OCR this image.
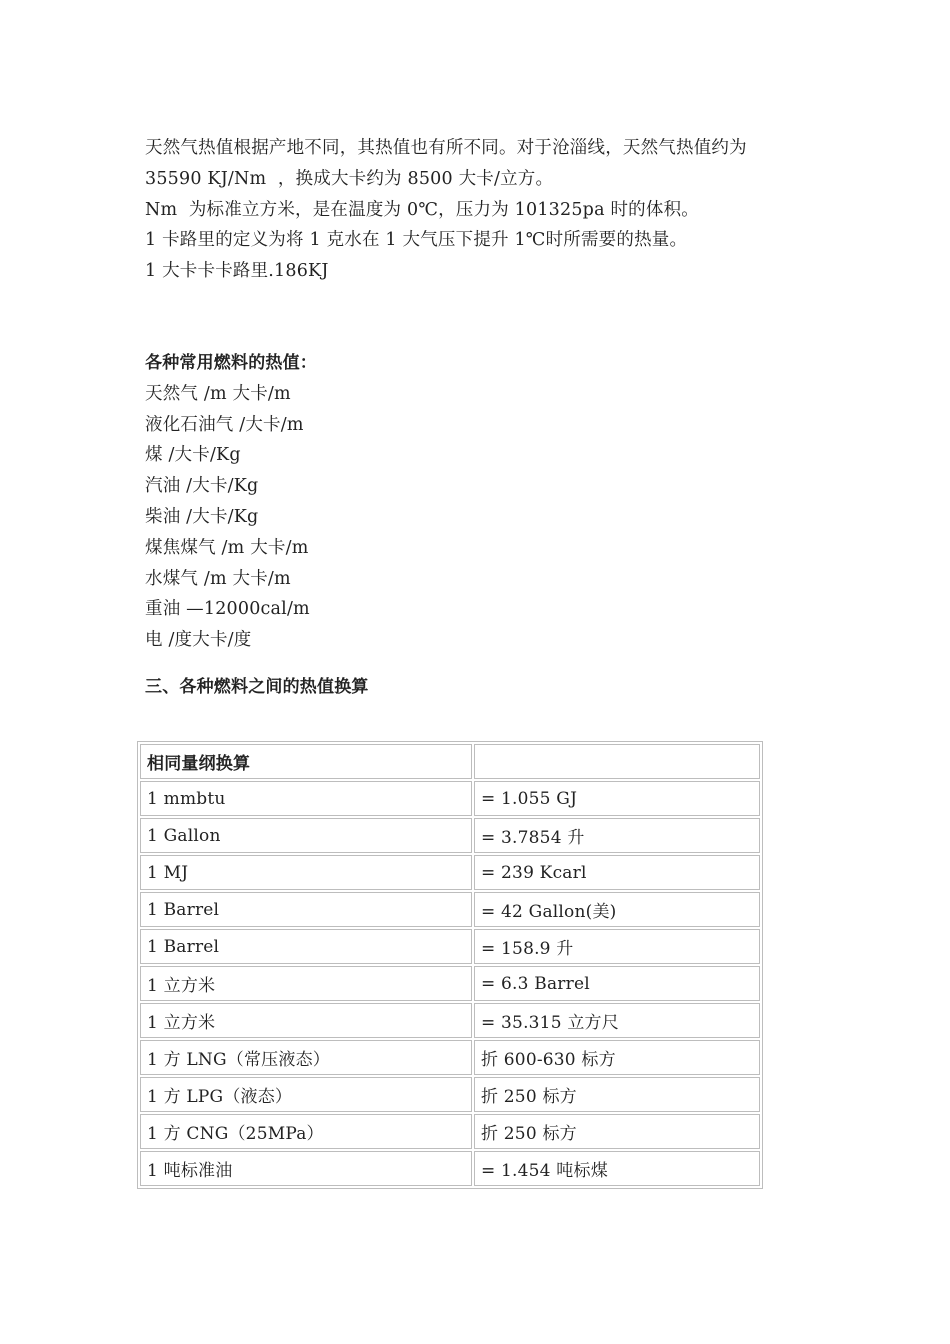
天然气热值根据产地不同，其热值也有所不同。对于沧淄线，天然气热值约为
35590 KJ/Nm  ，换成大卡约为 8500 大卡/立方。
Nm  为标准立方米，是在温度为 0℃，压力为 101325pa 时的体积。
1 卡路里的定义为将 1 克水在 1 大气压下提升 1℃时所需要的热量。
1 大卡卡卡路里.186KJ
各种常用燃料的热值：
天然气 /m 大卡/m
液化石油气 /大卡/m
煤 /大卡/Kg
汽油 /大卡/Kg
柴油 /大卡/Kg
煤焦煤气 /m 大卡/m
水煤气 /m 大卡/m
重油 —12000cal/m
电 /度大卡/度
三、各种燃料之间的热值换算
相同量纲换算	
1 mmbtu	= 1.055 GJ
1 Gallon	= 3.7854 升
1 MJ	= 239 Kcarl
1 Barrel	= 42 Gallon(美)
1 Barrel	= 158.9 升
1 立方米	= 6.3 Barrel
1 立方米	= 35.315 立方尺
1 方 LNG（常压液态）	折 600-630 标方
1 方 LPG（液态）	折 250 标方
1 方 CNG（25MPa）	折 250 标方
1 吨标准油	= 1.454 吨标煤
